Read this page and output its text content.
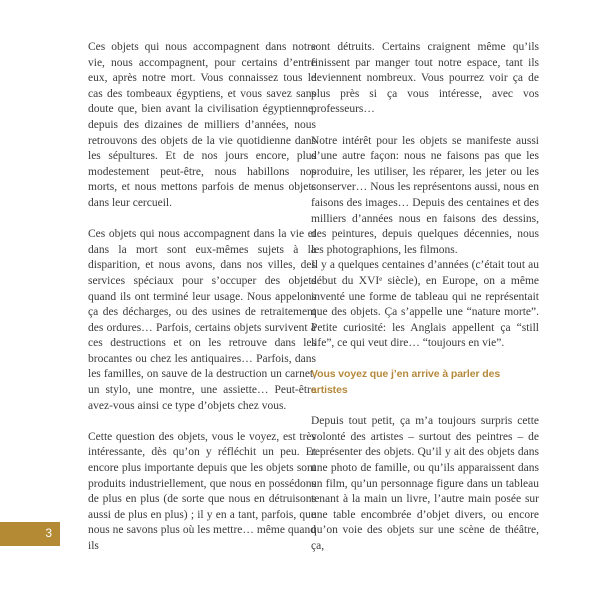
Ces objets qui nous accompagnent dans notre vie, nous accompagnent, pour certains d’entre eux, après notre mort. Vous connaissez tous le cas des tombeaux égyptiens, et vous savez sans doute que, bien avant la civilisation égyptienne, depuis des dizaines de milliers d’années, nous retrouvons des objets de la vie quotidienne dans les sépultures. Et de nos jours encore, plus modestement peut-être, nous habillons nos morts, et nous mettons parfois de menus objets dans leur cercueil.

Ces objets qui nous accompagnent dans la vie et dans la mort sont eux-mêmes sujets à la disparition, et nous avons, dans nos villes, des services spéciaux pour s’occuper des objets quand ils ont terminé leur usage. Nous appelons ça des décharges, ou des usines de retraitement des ordures… Parfois, certains objets survivent à ces destructions et on les retrouve dans les brocantes ou chez les antiquaires… Parfois, dans les familles, on sauve de la destruction un carnet, un stylo, une montre, une assiette… Peut-être avez-vous ainsi ce type d’objets chez vous.

Cette question des objets, vous le voyez, est très intéressante, dès qu’on y réfléchit un peu. Et encore plus importante depuis que les objets sont produits industriellement, que nous en possédons de plus en plus (de sorte que nous en détruisons aussi de plus en plus) ; il y en a tant, parfois, que nous ne savons plus où les mettre… même quand ils

sont détruits. Certains craignent même qu’ils finissent par manger tout notre espace, tant ils deviennent nombreux. Vous pourrez voir ça de plus près si ça vous intéresse, avec vos professeurs…

Notre intérêt pour les objets se manifeste aussi d’une autre façon: nous ne faisons pas que les produire, les utiliser, les réparer, les jeter ou les conserver… Nous les représentons aussi, nous en faisons des images… Depuis des centaines et des milliers d’années nous en faisons des dessins, des peintures, depuis quelques décennies, nous les photographions, les filmons.

Il y a quelques centaines d’années (c’était tout au début du XVIᵉ siècle), en Europe, on a même inventé une forme de tableau qui ne représentait que des objets. Ça s’appelle une “nature morte”. Petite curiosité: les Anglais appellent ça “still life”, ce qui veut dire… “toujours en vie”.

Vous voyez que j’en arrive à parler des artistes

Depuis tout petit, ça m’a toujours surpris cette volonté des artistes – surtout des peintres – de représenter des objets. Qu’il y ait des objets dans une photo de famille, ou qu’ils apparaissent dans un film, qu’un personnage figure dans un tableau tenant à la main un livre, l’autre main posée sur une table encombrée d’objet divers, ou encore qu’on voie des objets sur une scène de théâtre, ça,

3
